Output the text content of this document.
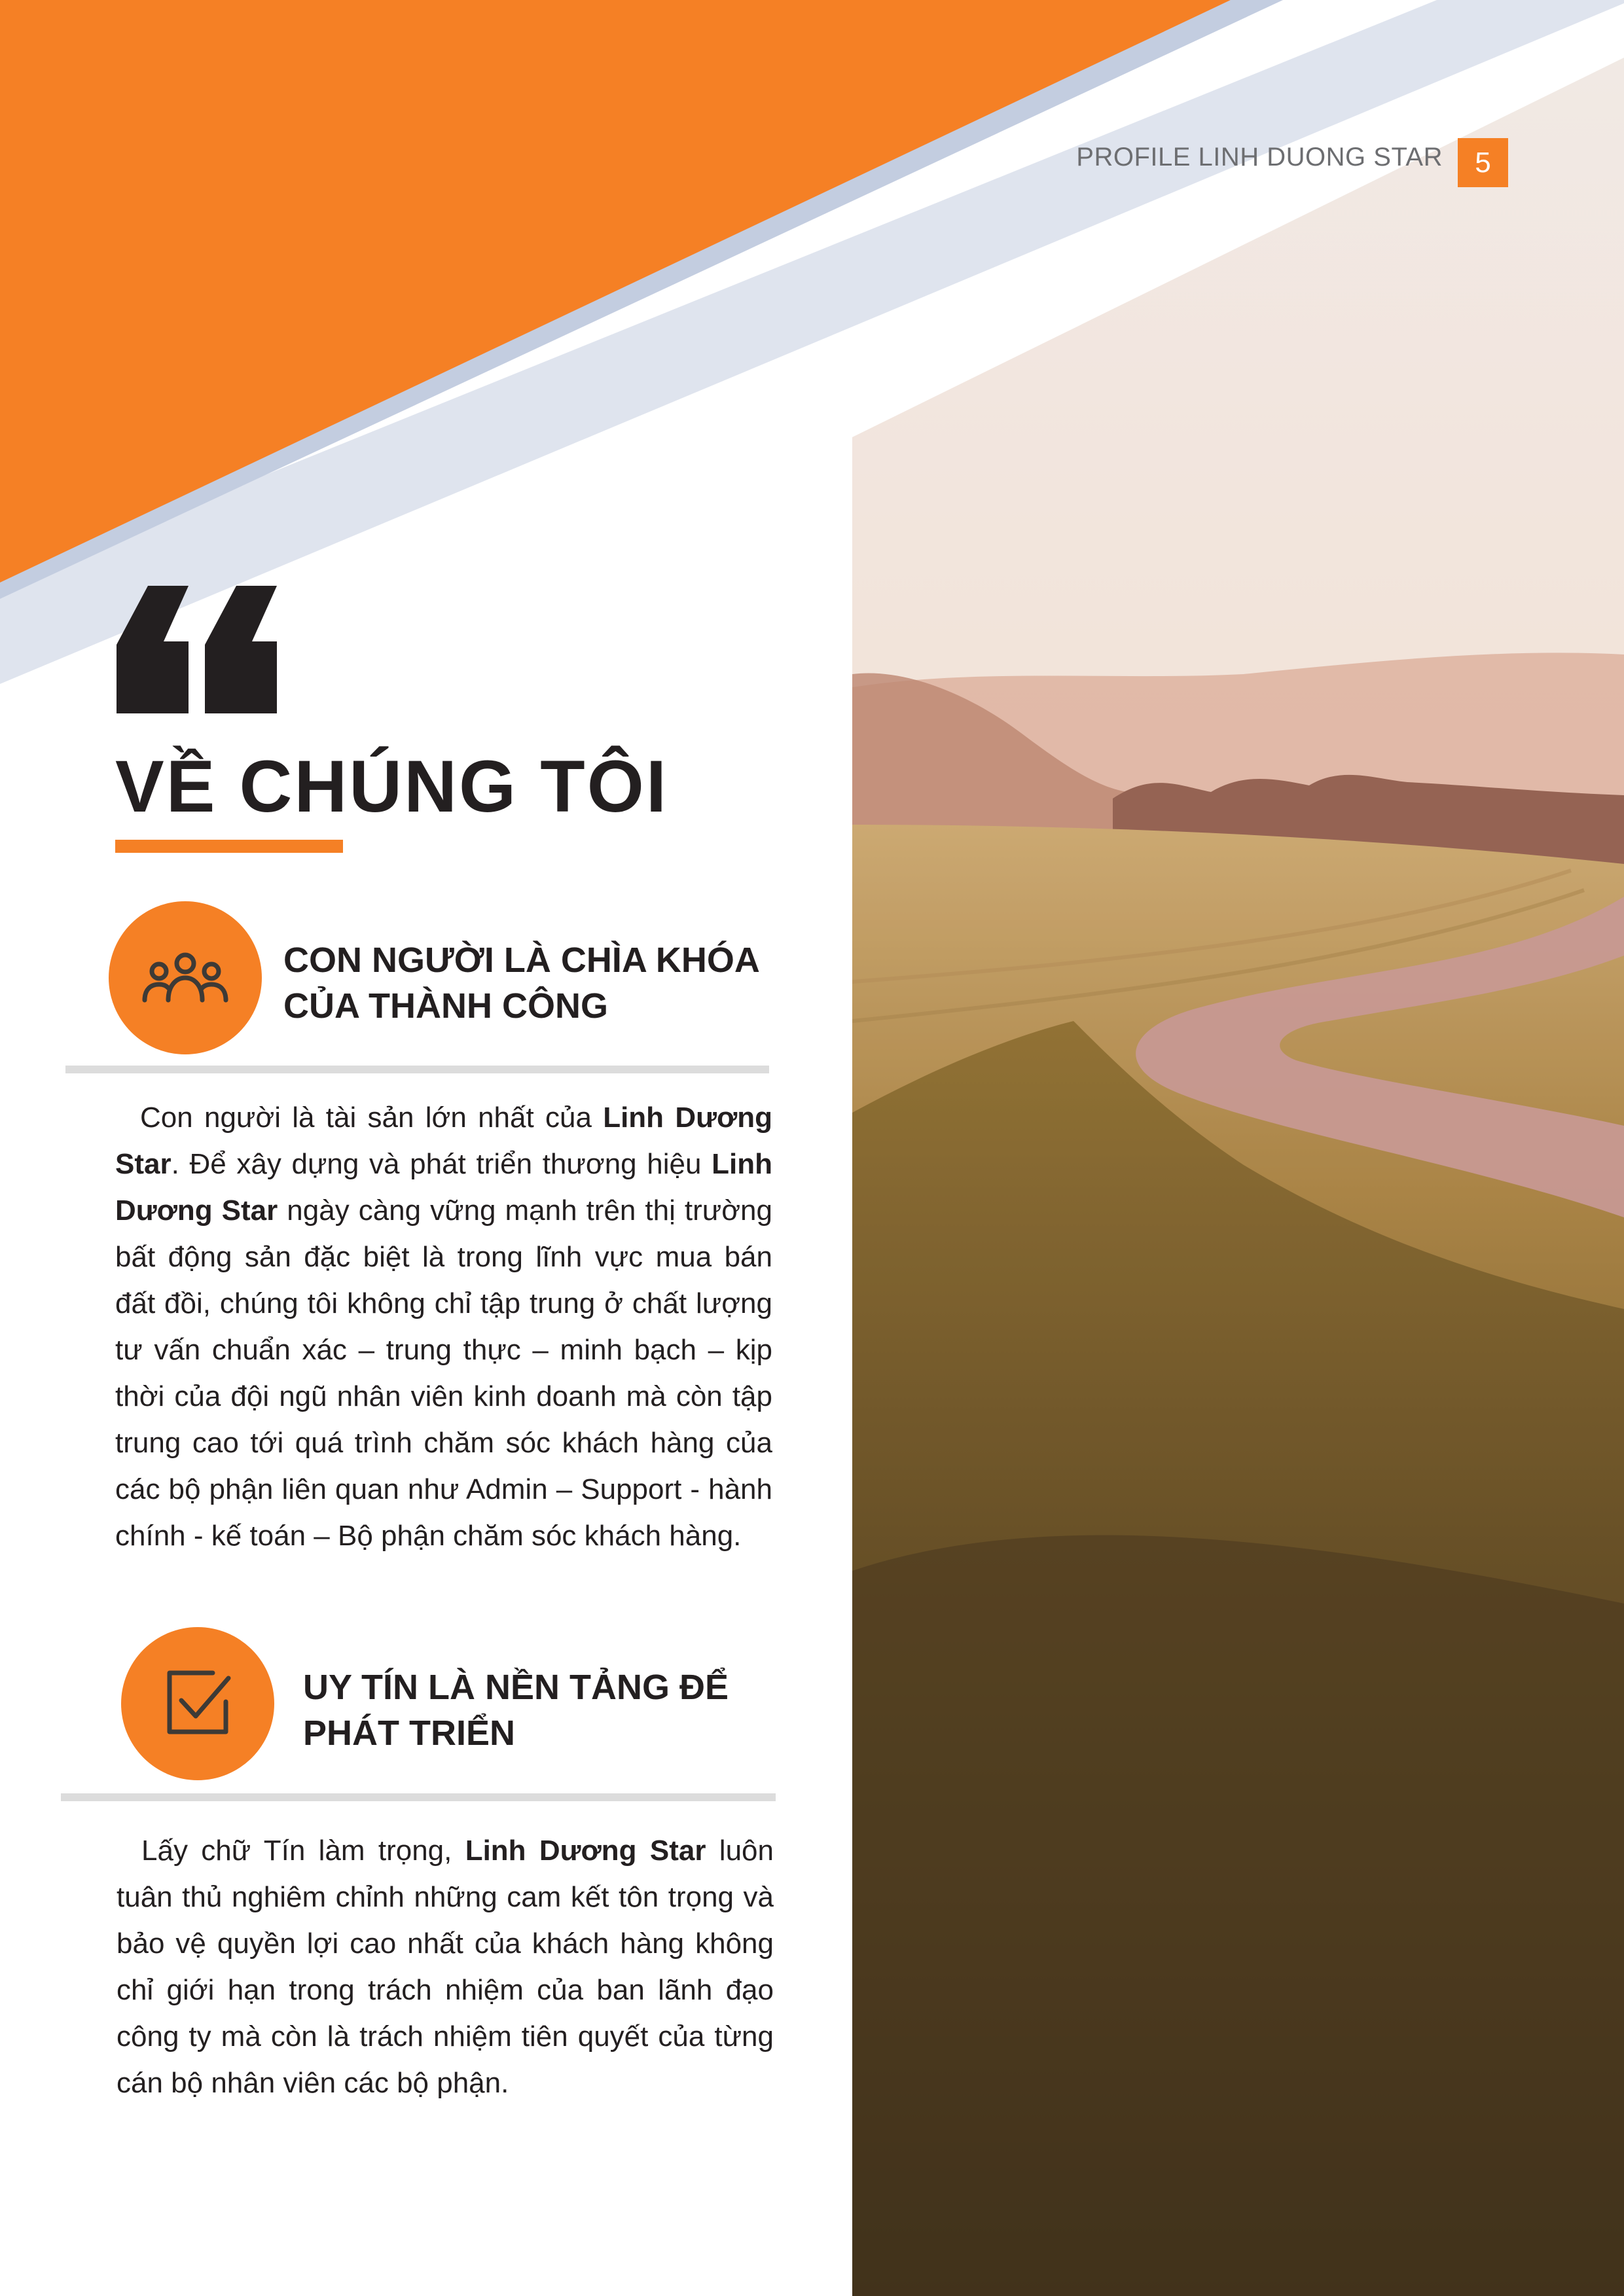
PROFILE LINH DUONG STAR	5
VỀ CHÚNG TÔI
CON NGƯỜI LÀ CHÌA KHÓA
CỦA THÀNH CÔNG

Con người là tài sản lớn nhất của Linh Dương Star. Để xây dựng và phát triển thương hiệu Linh Dương Star ngày càng vững mạnh trên thị trường bất động sản đặc biệt là trong lĩnh vực mua bán đất đồi, chúng tôi không chỉ tập trung ở chất lượng tư vấn chuẩn xác – trung thực – minh bạch – kịp thời của đội ngũ nhân viên kinh doanh mà còn tập trung cao tới quá trình chăm sóc khách hàng của các bộ phận liên quan như Admin – Support - hành chính - kế toán – Bộ phận chăm sóc khách hàng.

UY TÍN LÀ NỀN TẢNG ĐỂ
PHÁT TRIỂN

Lấy chữ Tín làm trọng, Linh Dương Star luôn tuân thủ nghiêm chỉnh những cam kết tôn trọng và bảo vệ quyền lợi cao nhất của khách hàng không chỉ giới hạn trong trách nhiệm của ban lãnh đạo công ty mà còn là trách nhiệm tiên quyết của từng cán bộ nhân viên các bộ phận.
